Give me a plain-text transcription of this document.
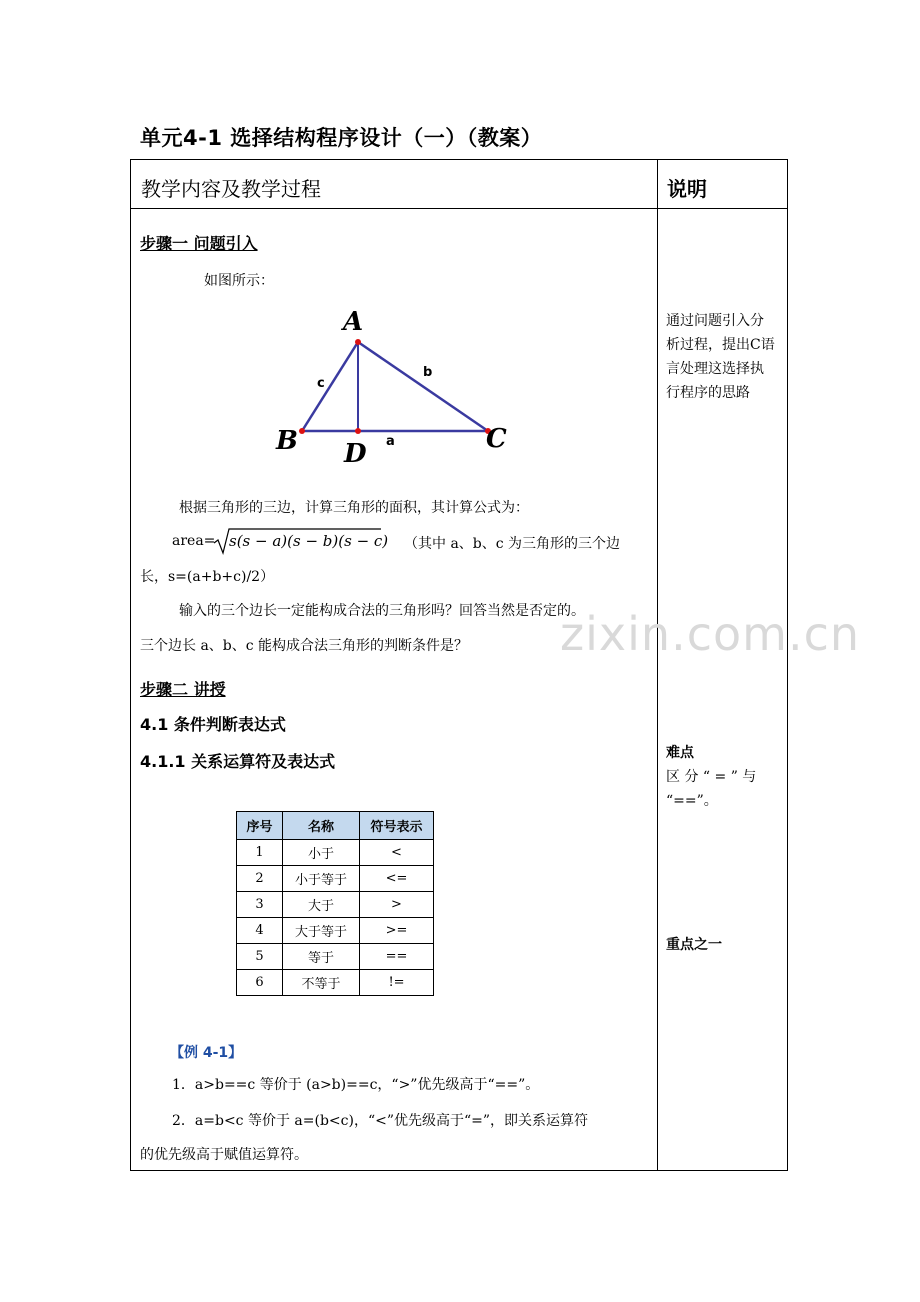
单元4-1 选择结构程序设计（一）（教案）
教学内容及教学过程	说明
步骤一 问题引入
如图所示：
A
B	C
D
c
b
a
根据三角形的三边，计算三角形的面积，其计算公式为：
area= s(s − a)(s − b)(s − c) （其中 a、b、c 为三角形的三个边
长，s=(a+b+c)/2）
输入的三个边长一定能构成合法的三角形吗？回答当然是否定的。
三个边长 a、b、c 能构成合法三角形的判断条件是？
步骤二 讲授
4.1 条件判断表达式
4.1.1 关系运算符及表达式
序号	名称	符号表示
1	小于	<
2	小于等于	<=
3	大于	>
4	大于等于	>=
5	等于	==
6	不等于	!=
【例 4-1】
1．a>b==c 等价于 (a>b)==c，“>”优先级高于“==”。
2．a=b<c 等价于 a=(b<c)，“<”优先级高于“=”，即关系运算符
的优先级高于赋值运算符。
通过问题引入分
析过程，提出C语
言处理这选择执
行程序的思路
难点
区 分 “ = ” 与
“==”。
重点之一
zixin.com.cn
